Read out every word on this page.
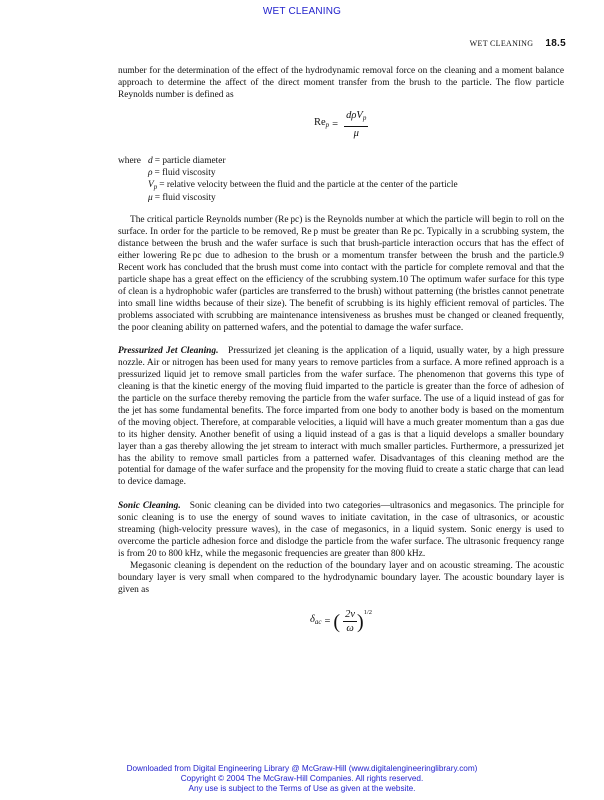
WET CLEANING
WET CLEANING 18.5

number for the determination of the effect of the hydrodynamic removal force on the cleaning and a moment balance approach to determine the affect of the direct moment transfer from the brush to the particle. The flow particle Reynolds number is defined as

$Re_p = \frac{d\rho V_p}{\mu}$
where d = particle diameter
ρ = fluid viscosity
$V_p$ = relative velocity between the fluid and the particle at the center of the particle
μ = fluid viscosity

The critical particle Reynolds number (Re pc) is the Reynolds number at which the particle will begin to roll on the surface. In order for the particle to be removed, Re p must be greater than Re pc. Typically in a scrubbing system, the distance between the brush and the wafer surface is such that brush-particle interaction occurs that has the effect of either lowering Re pc due to adhesion to the brush or a momentum transfer between the brush and the particle.9 Recent work has concluded that the brush must come into contact with the particle for complete removal and that the particle shape has a great effect on the efficiency of the scrubbing system.10 The optimum wafer surface for this type of clean is a hydrophobic wafer (particles are transferred to the brush) without patterning (the bristles cannot penetrate into small line widths because of their size). The benefit of scrubbing is its highly efficient removal of particles. The problems associated with scrubbing are maintenance intensiveness as brushes must be changed or cleaned frequently, the poor cleaning ability on patterned wafers, and the potential to damage the wafer surface.

Pressurized Jet Cleaning. Pressurized jet cleaning is the application of a liquid, usually water, by a high pressure nozzle. Air or nitrogen has been used for many years to remove particles from a surface. A more refined approach is a pressurized liquid jet to remove small particles from the wafer surface. The phenomenon that governs this type of cleaning is that the kinetic energy of the moving fluid imparted to the particle is greater than the force of adhesion of the particle on the surface thereby removing the particle from the wafer surface. The use of a liquid instead of gas for the jet has some fundamental benefits. The force imparted from one body to another body is based on the momentum of the moving object. Therefore, at comparable velocities, a liquid will have a much greater momentum than a gas due to its higher density. Another benefit of using a liquid instead of a gas is that a liquid develops a smaller boundary layer than a gas thereby allowing the jet stream to interact with much smaller particles. Furthermore, a pressurized jet has the ability to remove small particles from a patterned wafer. Disadvantages of this cleaning method are the potential for damage of the wafer surface and the propensity for the moving fluid to create a static charge that can lead to device damage.

Sonic Cleaning. Sonic cleaning can be divided into two categories—ultrasonics and megasonics. The principle for sonic cleaning is to use the energy of sound waves to initiate cavitation, in the case of ultrasonics, or acoustic streaming (high-velocity pressure waves), in the case of megasonics, in a liquid system. Sonic energy is used to overcome the particle adhesion force and dislodge the particle from the wafer surface. The ultrasonic frequency range is from 20 to 800 kHz, while the megasonic frequencies are greater than 800 kHz.

Megasonic cleaning is dependent on the reduction of the boundary layer and on acoustic streaming. The acoustic boundary layer is very small when compared to the hydrodynamic boundary layer. The acoustic boundary layer is given as

$\delta_{ac}$ = ( $\frac{2\nu}{\omega}$ ) 1/2
Downloaded from Digital Engineering Library @ McGraw-Hill (www.digitalengineeringlibrary.com)
Copyright © 2004 The McGraw-Hill Companies. All rights reserved.
Any use is subject to the Terms of Use as given at the website.
